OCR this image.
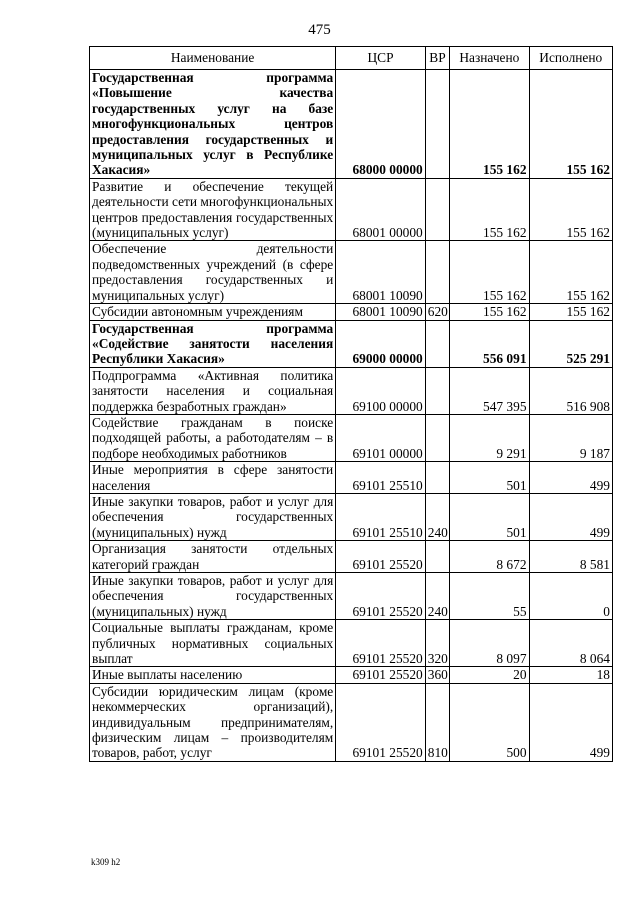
475
Наименование	ЦСР	ВР	Назначено	Исполнено
Государственная программа «Повышение качества государственных услуг на базе многофункциональных центров предоставления государственных и муниципальных услуг в Республике Хакасия»	68000 00000		155 162	155 162
Развитие и обеспечение текущей деятельности сети многофункциональных центров предоставления государственных (муниципальных услуг)	68001 00000		155 162	155 162
Обеспечение деятельности подведомственных учреждений (в сфере предоставления государственных и муниципальных услуг)	68001 10090		155 162	155 162
Субсидии автономным учреждениям	68001 10090	620	155 162	155 162
Государственная программа «Содействие занятости населения Республики Хакасия»	69000 00000		556 091	525 291
Подпрограмма «Активная политика занятости населения и социальная поддержка безработных граждан»	69100 00000		547 395	516 908
Содействие гражданам в поиске подходящей работы, а работодателям – в подборе необходимых работников	69101 00000		9 291	9 187
Иные мероприятия в сфере занятости населения	69101 25510		501	499
Иные закупки товаров, работ и услуг для обеспечения государственных (муниципальных) нужд	69101 25510	240	501	499
Организация занятости отдельных категорий граждан	69101 25520		8 672	8 581
Иные закупки товаров, работ и услуг для обеспечения государственных (муниципальных) нужд	69101 25520	240	55	0
Социальные выплаты гражданам, кроме публичных нормативных социальных выплат	69101 25520	320	8 097	8 064
Иные выплаты населению	69101 25520	360	20	18
Субсидии юридическим лицам (кроме некоммерческих организаций), индивидуальным предпринимателям, физическим лицам – производителям товаров, работ, услуг	69101 25520	810	500	499
k309 h2
